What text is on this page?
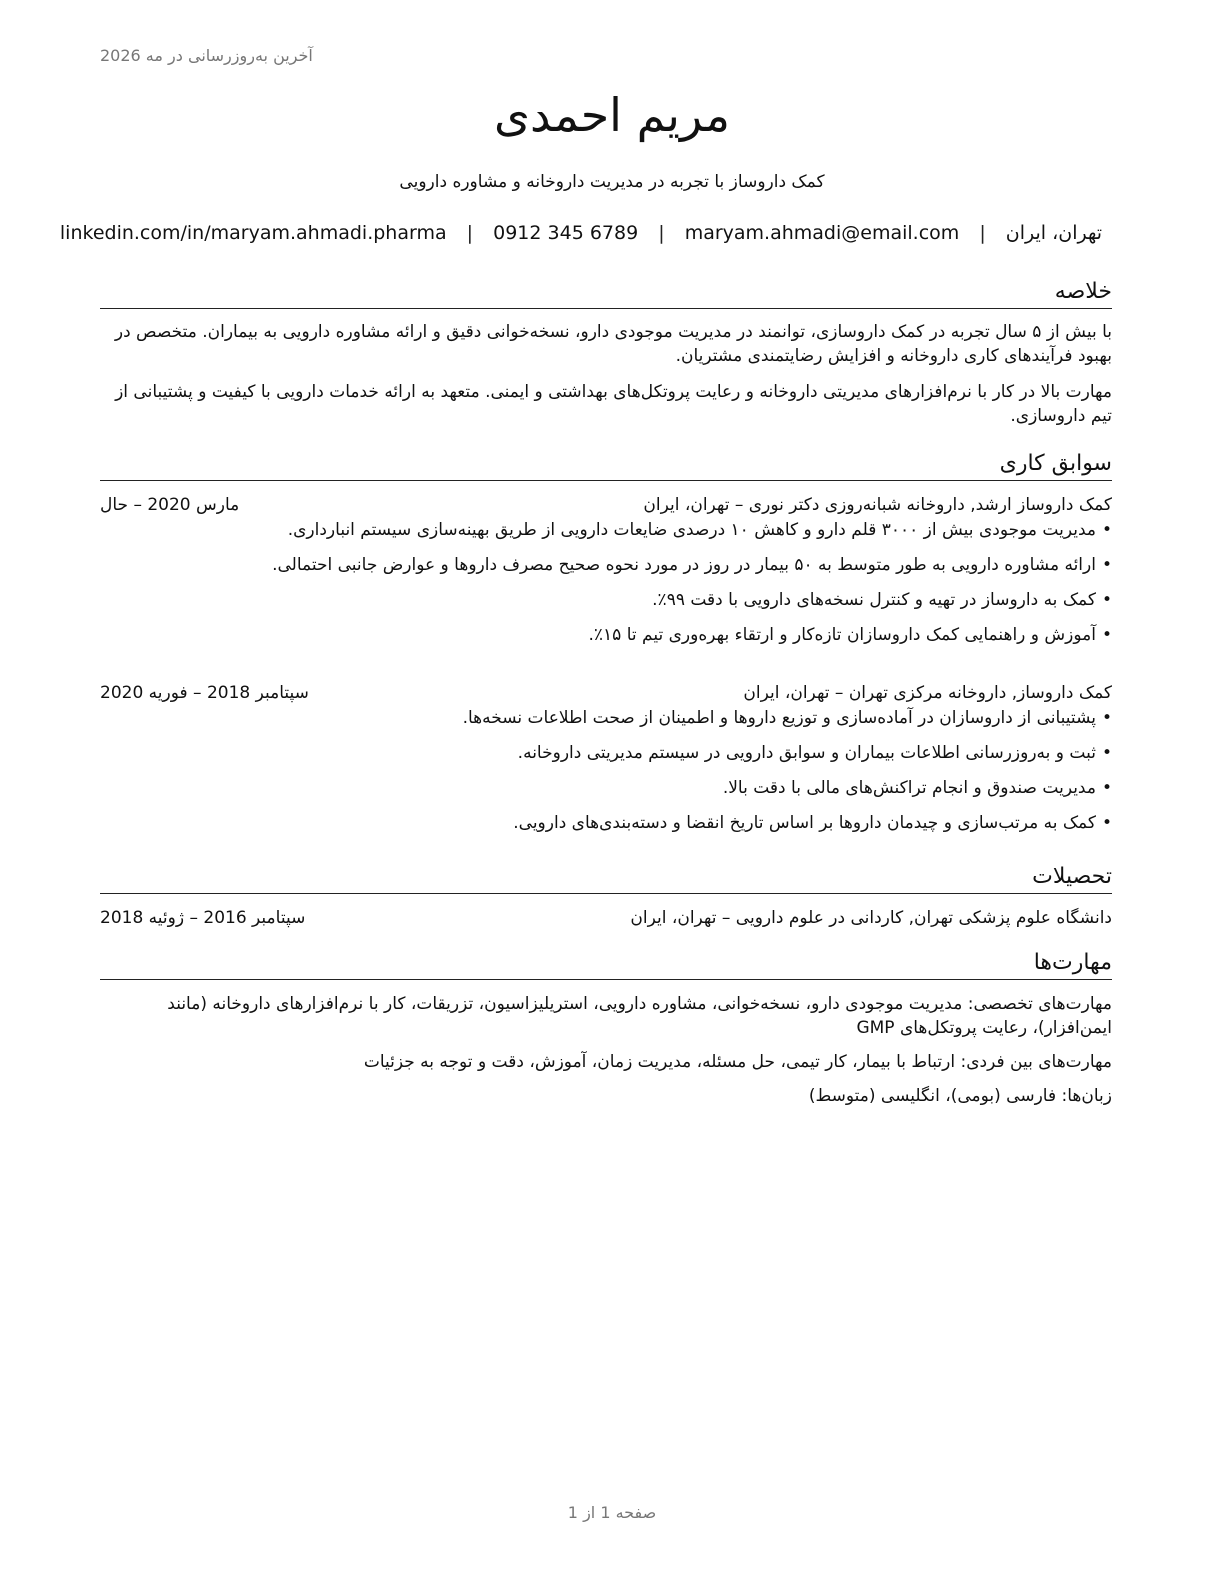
آخرین به‌روزرسانی در مه 2026
مریم احمدی
کمک داروساز با تجربه در مدیریت داروخانه و مشاوره دارویی
تهران، ایران | maryam.ahmadi@email.com | 0912 345 6789 | linkedin.com/in/maryam.ahmadi.pharma
خلاصه

با بیش از ۵ سال تجربه در کمک داروسازی، توانمند در مدیریت موجودی دارو، نسخه‌خوانی دقیق و ارائه مشاوره دارویی به بیماران. متخصص در بهبود فرآیندهای کاری داروخانه و افزایش رضایتمندی مشتریان.

مهارت بالا در کار با نرم‌افزارهای مدیریتی داروخانه و رعایت پروتکل‌های بهداشتی و ایمنی. متعهد به ارائه خدمات دارویی با کیفیت و پشتیبانی از تیم داروسازی.

سوابق کاری
کمک داروساز ارشد, داروخانه شبانه‌روزی دکتر نوری – تهران، ایران
مارس 2020 – حال
•مدیریت موجودی بیش از ۳۰۰۰ قلم دارو و کاهش ۱۰ درصدی ضایعات دارویی از طریق بهینه‌سازی سیستم انبارداری.
•ارائه مشاوره دارویی به طور متوسط به ۵۰ بیمار در روز در مورد نحوه صحیح مصرف داروها و عوارض جانبی احتمالی.
•کمک به داروساز در تهیه و کنترل نسخه‌های دارویی با دقت ۹۹٪.
•آموزش و راهنمایی کمک داروسازان تازه‌کار و ارتقاء بهره‌وری تیم تا ۱۵٪.
کمک داروساز, داروخانه مرکزی تهران – تهران، ایران
سپتامبر 2018 – فوریه 2020
•پشتیبانی از داروسازان در آماده‌سازی و توزیع داروها و اطمینان از صحت اطلاعات نسخه‌ها.
•ثبت و به‌روزرسانی اطلاعات بیماران و سوابق دارویی در سیستم مدیریتی داروخانه.
•مدیریت صندوق و انجام تراکنش‌های مالی با دقت بالا.
•کمک به مرتب‌سازی و چیدمان داروها بر اساس تاریخ انقضا و دسته‌بندی‌های دارویی.
تحصیلات
دانشگاه علوم پزشکی تهران, کاردانی در علوم دارویی – تهران، ایران
سپتامبر 2016 – ژوئیه 2018
مهارت‌ها

مهارت‌های تخصصی: مدیریت موجودی دارو، نسخه‌خوانی، مشاوره دارویی، استریلیزاسیون، تزریقات، کار با نرم‌افزارهای داروخانه (مانند ایمن‌افزار)، رعایت پروتکل‌های GMP

مهارت‌های بین فردی: ارتباط با بیمار، کار تیمی، حل مسئله، مدیریت زمان، آموزش، دقت و توجه به جزئیات

زبان‌ها: فارسی (بومی)، انگلیسی (متوسط)

صفحه 1 از 1
